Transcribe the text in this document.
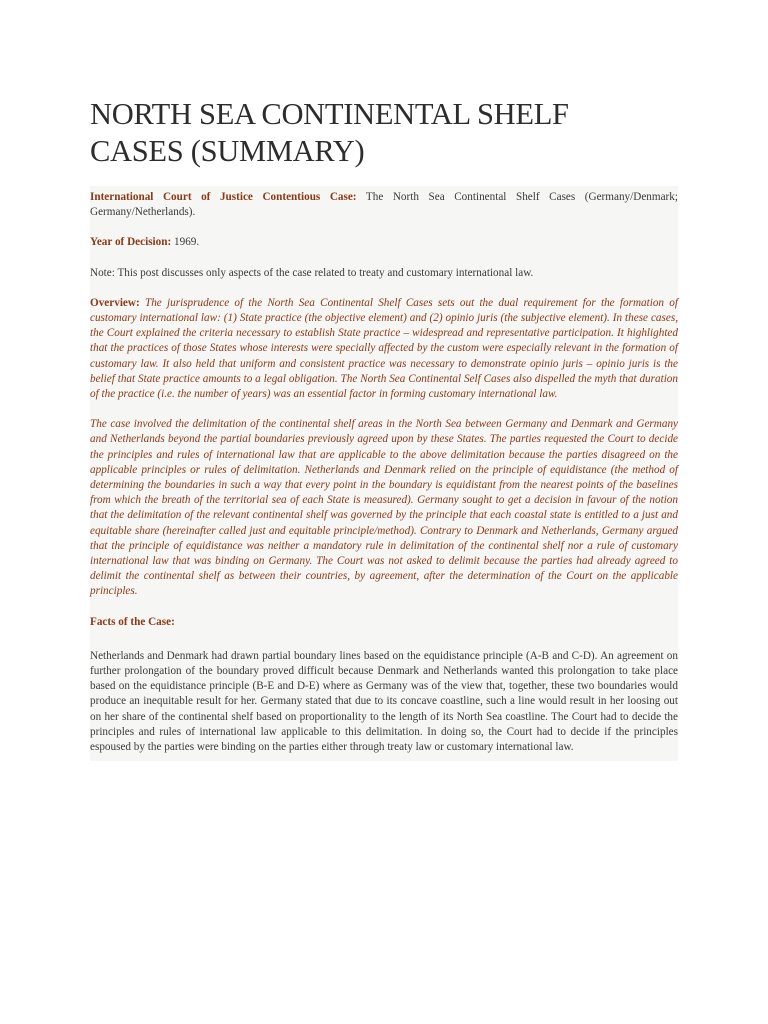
NORTH SEA CONTINENTAL SHELF
CASES (SUMMARY)

International Court of Justice Contentious Case: The North Sea Continental Shelf Cases (Germany/Denmark; Germany/Netherlands).

Year of Decision: 1969.

Note: This post discusses only aspects of the case related to treaty and customary international law.

Overview: The jurisprudence of the North Sea Continental Shelf Cases sets out the dual requirement for the formation of customary international law: (1) State practice (the objective element) and (2) opinio juris (the subjective element). In these cases, the Court explained the criteria necessary to establish State practice – widespread and representative participation. It highlighted that the practices of those States whose interests were specially affected by the custom were especially relevant in the formation of customary law. It also held that uniform and consistent practice was necessary to demonstrate opinio juris – opinio juris is the belief that State practice amounts to a legal obligation. The North Sea Continental Self Cases also dispelled the myth that duration of the practice (i.e. the number of years) was an essential factor in forming customary international law.

The case involved the delimitation of the continental shelf areas in the North Sea between Germany and Denmark and Germany and Netherlands beyond the partial boundaries previously agreed upon by these States. The parties requested the Court to decide the principles and rules of international law that are applicable to the above delimitation because the parties disagreed on the applicable principles or rules of delimitation. Netherlands and Denmark relied on the principle of equidistance (the method of determining the boundaries in such a way that every point in the boundary is equidistant from the nearest points of the baselines from which the breath of the territorial sea of each State is measured). Germany sought to get a decision in favour of the notion that the delimitation of the relevant continental shelf was governed by the principle that each coastal state is entitled to a just and equitable share (hereinafter called just and equitable principle/method). Contrary to Denmark and Netherlands, Germany argued that the principle of equidistance was neither a mandatory rule in delimitation of the continental shelf nor a rule of customary international law that was binding on Germany. The Court was not asked to delimit because the parties had already agreed to delimit the continental shelf as between their countries, by agreement, after the determination of the Court on the applicable principles.

Facts of the Case:

Netherlands and Denmark had drawn partial boundary lines based on the equidistance principle (A-B and C-D). An agreement on further prolongation of the boundary proved difficult because Denmark and Netherlands wanted this prolongation to take place based on the equidistance principle (B-E and D-E) where as Germany was of the view that, together, these two boundaries would produce an inequitable result for her. Germany stated that due to its concave coastline, such a line would result in her loosing out on her share of the continental shelf based on proportionality to the length of its North Sea coastline. The Court had to decide the principles and rules of international law applicable to this delimitation. In doing so, the Court had to decide if the principles espoused by the parties were binding on the parties either through treaty law or customary international law.
